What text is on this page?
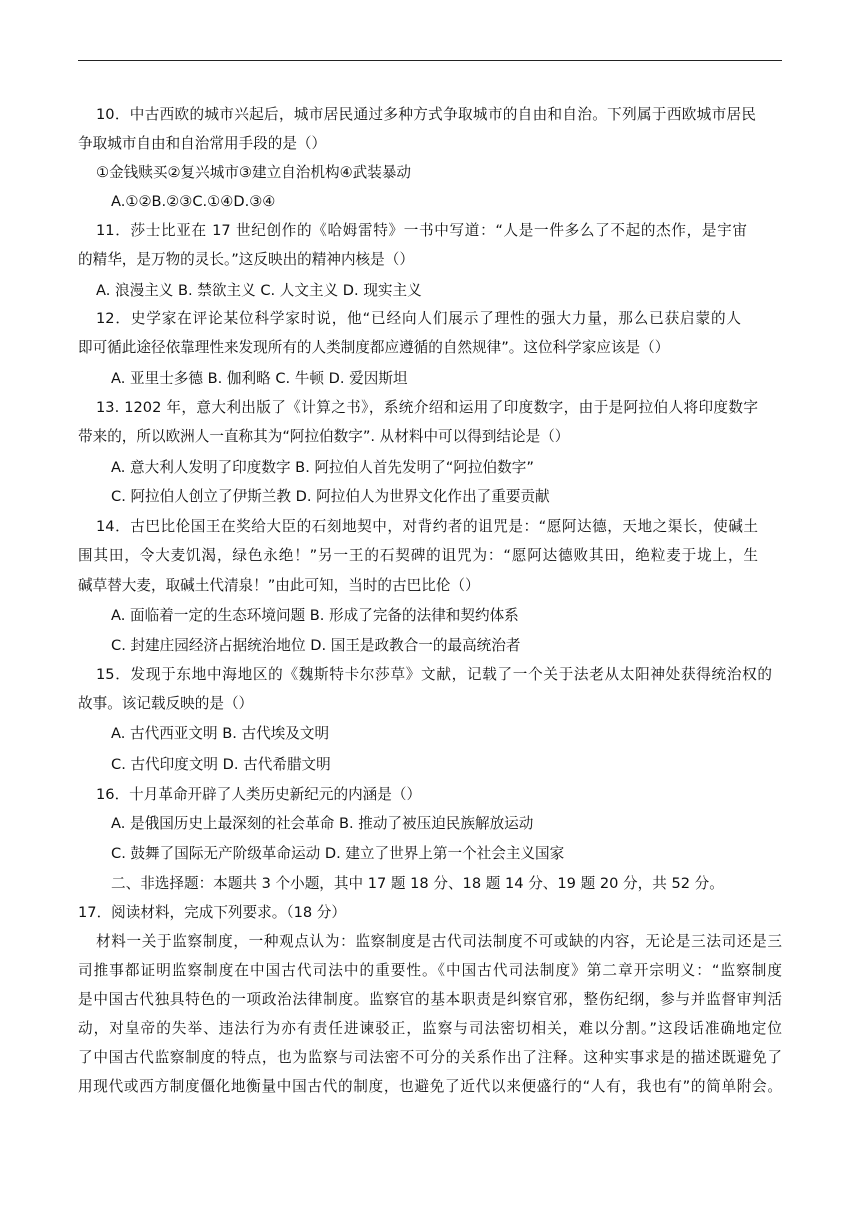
10．中古西欧的城市兴起后，城市居民通过多种方式争取城市的自由和自治。下列属于西欧城市居民
争取城市自由和自治常用手段的是（）
①金钱赎买②复兴城市③建立自治机构④武装暴动
A.①②B.②③C.①④D.③④
11．莎士比亚在 17 世纪创作的《哈姆雷特》一书中写道：“人是一件多么了不起的杰作，是宇宙
的精华，是万物的灵长。”这反映出的精神内核是（）
A. 浪漫主义 B. 禁欲主义 C. 人文主义 D. 现实主义
12．史学家在评论某位科学家时说，他“已经向人们展示了理性的强大力量，那么已获启蒙的人
即可循此途径依靠理性来发现所有的人类制度都应遵循的自然规律”。这位科学家应该是（）
A. 亚里士多德 B. 伽利略 C. 牛顿 D. 爱因斯坦
13. 1202 年，意大利出版了《计算之书》，系统介绍和运用了印度数字，由于是阿拉伯人将印度数字
带来的，所以欧洲人一直称其为“阿拉伯数字”. 从材料中可以得到结论是（）
A. 意大利人发明了印度数字 B. 阿拉伯人首先发明了“阿拉伯数字”
C. 阿拉伯人创立了伊斯兰教 D. 阿拉伯人为世界文化作出了重要贡献
14．古巴比伦国王在奖给大臣的石刻地契中，对背约者的诅咒是：“愿阿达德，天地之渠长，使碱土
围其田，令大麦饥渴，绿色永绝！”另一王的石契碑的诅咒为：“愿阿达德败其田，绝粒麦于垅上，生
碱草替大麦，取碱土代清泉！”由此可知，当时的古巴比伦（）
A. 面临着一定的生态环境问题 B. 形成了完备的法律和契约体系
C. 封建庄园经济占据统治地位 D. 国王是政教合一的最高统治者
15．发现于东地中海地区的《魏斯特卡尔莎草》文献，记载了一个关于法老从太阳神处获得统治权的
故事。该记载反映的是（）
A. 古代西亚文明 B. 古代埃及文明
C. 古代印度文明 D. 古代希腊文明
16．十月革命开辟了人类历史新纪元的内涵是（）
A. 是俄国历史上最深刻的社会革命 B. 推动了被压迫民族解放运动
C. 鼓舞了国际无产阶级革命运动 D. 建立了世界上第一个社会主义国家
二、非选择题：本题共 3 个小题，其中 17 题 18 分、18 题 14 分、19 题 20 分，共 52 分。
17．阅读材料，完成下列要求。（18 分）
材料一关于监察制度，一种观点认为：监察制度是古代司法制度不可或缺的内容，无论是三法司还是三
司推事都证明监察制度在中国古代司法中的重要性。《中国古代司法制度》第二章开宗明义：“监察制度
是中国古代独具特色的一项政治法律制度。监察官的基本职责是纠察官邪，整伤纪纲，参与并监督审判活
动，对皇帝的失举、违法行为亦有责任进谏驳正，监察与司法密切相关，难以分割。”这段话准确地定位
了中国古代监察制度的特点，也为监察与司法密不可分的关系作出了注释。这种实事求是的描述既避免了
用现代或西方制度僵化地衡量中国古代的制度，也避免了近代以来便盛行的“人有，我也有”的简单附会。
